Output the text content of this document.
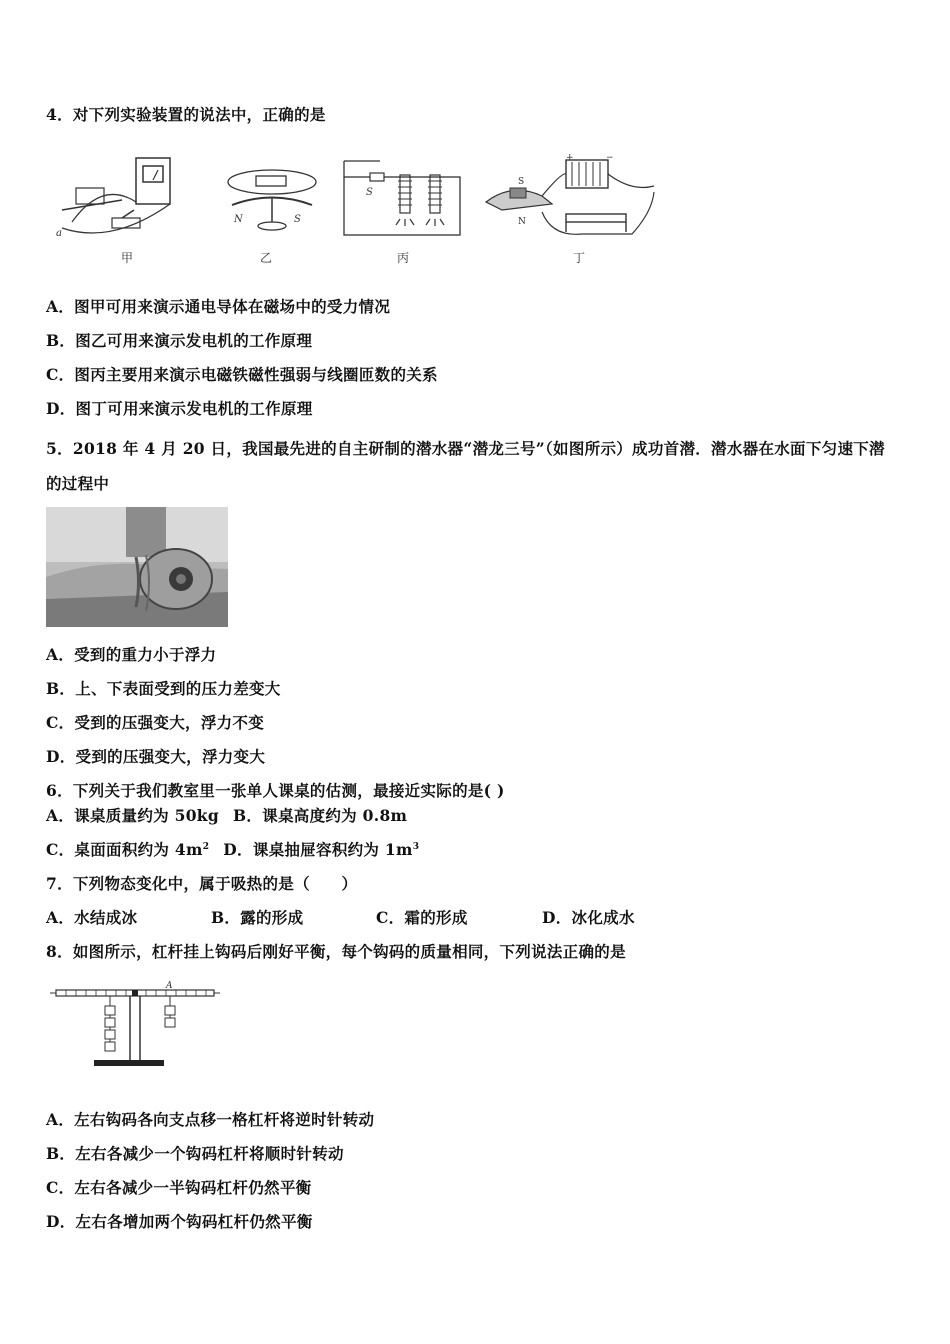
4．对下列实验装置的说法中，正确的是
a
甲
N	S
乙
S
丙
+	−
S
N
丁
A．图甲可用来演示通电导体在磁场中的受力情况
B．图乙可用来演示发电机的工作原理
C．图丙主要用来演示电磁铁磁性强弱与线圈匝数的关系
D．图丁可用来演示发电机的工作原理
5．2018 年 4 月 20 日，我国最先进的自主研制的潜水器“潜龙三号”（如图所示）成功首潜．潜水器在水面下匀速下潜
的过程中
A．受到的重力小于浮力
B．上、下表面受到的压力差变大
C．受到的压强变大，浮力不变
D．受到的压强变大，浮力变大
6．下列关于我们教室里一张单人课桌的估测，最接近实际的是( )
A．课桌质量约为 50kg B．课桌高度约为 0.8m
C．桌面面积约为 $4m^2$ D．课桌抽屉容积约为 $1m^3$
7．下列物态变化中，属于吸热的是（　　）
A．水结成冰	B．露的形成	C．霜的形成	D．冰化成水
8．如图所示，杠杆挂上钩码后刚好平衡，每个钩码的质量相同，下列说法正确的是
A
A．左右钩码各向支点移一格杠杆将逆时针转动
B．左右各减少一个钩码杠杆将顺时针转动
C．左右各减少一半钩码杠杆仍然平衡
D．左右各增加两个钩码杠杆仍然平衡
